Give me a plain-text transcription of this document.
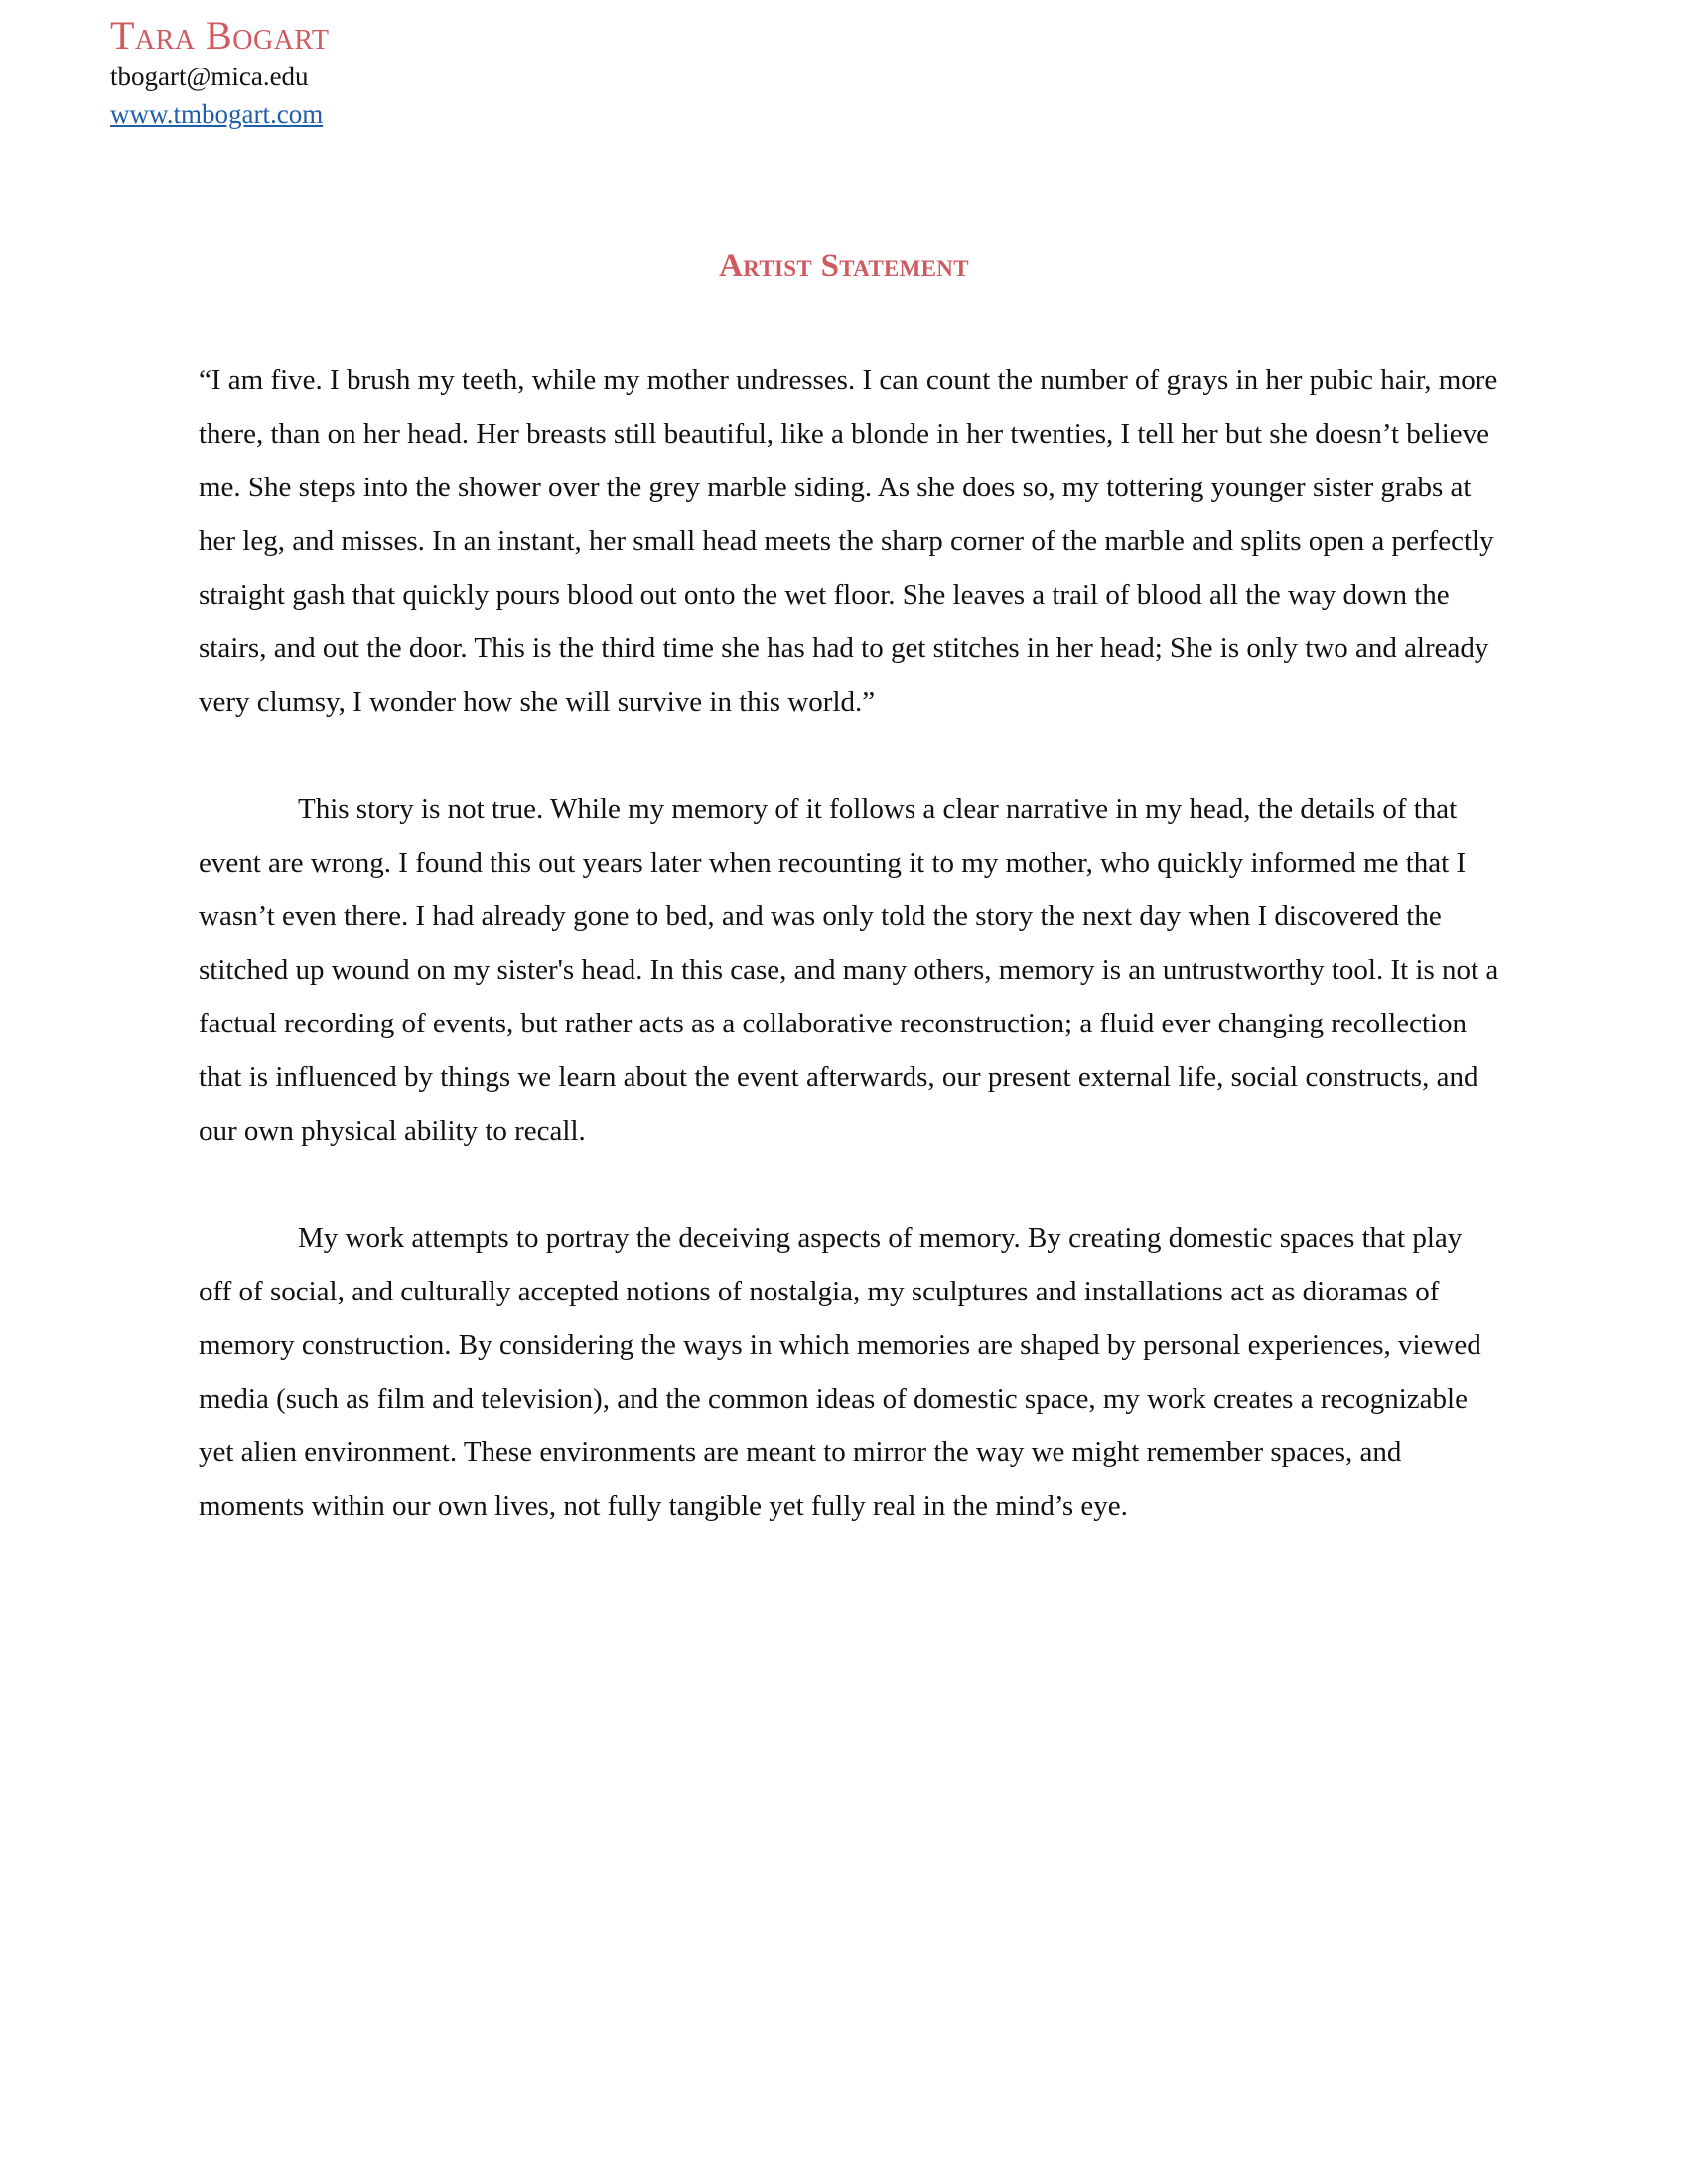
Tara Bogart

tbogart@mica.edu

www.tmbogart.com
Artist Statement

“I am five. I brush my teeth, while my mother undresses. I can count the number of grays in her pubic hair, more there, than on her head. Her breasts still beautiful, like a blonde in her twenties, I tell her but she doesn’t believe me. She steps into the shower over the grey marble siding. As she does so, my tottering younger sister grabs at her leg, and misses. In an instant, her small head meets the sharp corner of the marble and splits open a perfectly straight gash that quickly pours blood out onto the wet floor. She leaves a trail of blood all the way down the stairs, and out the door. This is the third time she has had to get stitches in her head; She is only two and already very clumsy, I wonder how she will survive in this world.”

This story is not true. While my memory of it follows a clear narrative in my head, the details of that event are wrong. I found this out years later when recounting it to my mother, who quickly informed me that I wasn’t even there. I had already gone to bed, and was only told the story the next day when I discovered the stitched up wound on my sister's head. In this case, and many others, memory is an untrustworthy tool. It is not a factual recording of events, but rather acts as a collaborative reconstruction; a fluid ever changing recollection that is influenced by things we learn about the event afterwards, our present external life, social constructs, and our own physical ability to recall.

My work attempts to portray the deceiving aspects of memory. By creating domestic spaces that play off of social, and culturally accepted notions of nostalgia, my sculptures and installations act as dioramas of memory construction. By considering the ways in which memories are shaped by personal experiences, viewed media (such as film and television), and the common ideas of domestic space, my work creates a recognizable yet alien environment. These environments are meant to mirror the way we might remember spaces, and moments within our own lives, not fully tangible yet fully real in the mind’s eye.
